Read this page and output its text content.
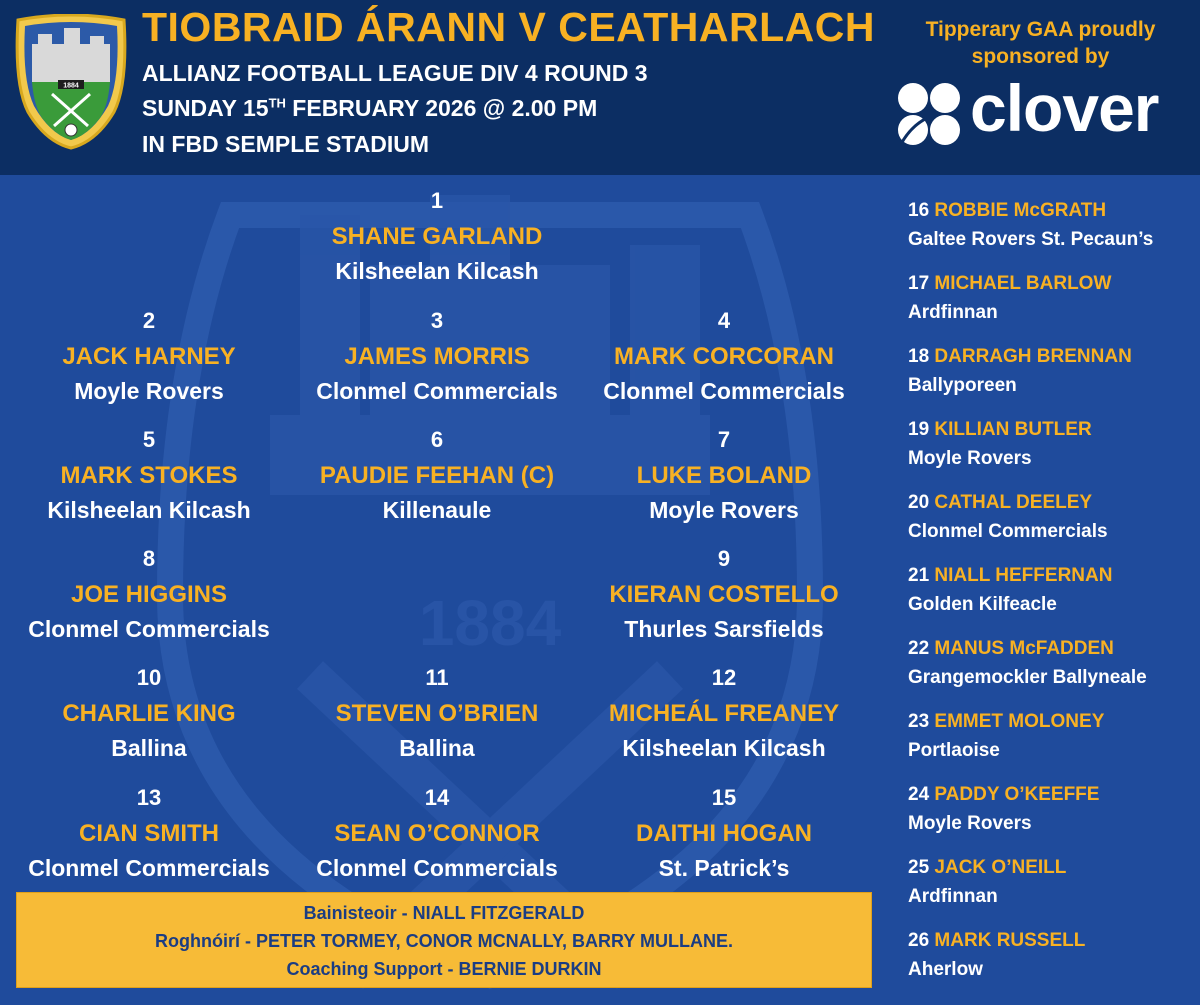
1884
1884
TIOBRAID ÁRANN V CEATHARLACH
ALLIANZ FOOTBALL LEAGUE DIV 4 ROUND 3
SUNDAY 15TH FEBRUARY 2026 @ 2.00 PM
IN FBD SEMPLE STADIUM
Tipperary GAA proudly
sponsored by
clover
1
SHANE GARLAND
Kilsheelan Kilcash
2
JACK HARNEY
Moyle Rovers
3
JAMES MORRIS
Clonmel Commercials
4
MARK CORCORAN
Clonmel Commercials
5
MARK STOKES
Kilsheelan Kilcash
6
PAUDIE FEEHAN (C)
Killenaule
7
LUKE BOLAND
Moyle Rovers
8
JOE HIGGINS
Clonmel Commercials
9
KIERAN COSTELLO
Thurles Sarsfields
10
CHARLIE KING
Ballina
11
STEVEN O’BRIEN
Ballina
12
MICHEÁL FREANEY
Kilsheelan Kilcash
13
CIAN SMITH
Clonmel Commercials
14
SEAN O’CONNOR
Clonmel Commercials
15
DAITHI HOGAN
St. Patrick’s
16 ROBBIE McGRATH
Galtee Rovers St. Pecaun’s
17 MICHAEL BARLOW
Ardfinnan
18 DARRAGH BRENNAN
Ballyporeen
19 KILLIAN BUTLER
Moyle Rovers
20 CATHAL DEELEY
Clonmel Commercials
21 NIALL HEFFERNAN
Golden Kilfeacle
22 MANUS McFADDEN
Grangemockler Ballyneale
23 EMMET MOLONEY
Portlaoise
24 PADDY O’KEEFFE
Moyle Rovers
25 JACK O’NEILL
Ardfinnan
26 MARK RUSSELL
Aherlow
Bainisteoir - NIALL FITZGERALD
Roghnóirí - PETER TORMEY, CONOR MCNALLY, BARRY MULLANE.
Coaching Support - BERNIE DURKIN
